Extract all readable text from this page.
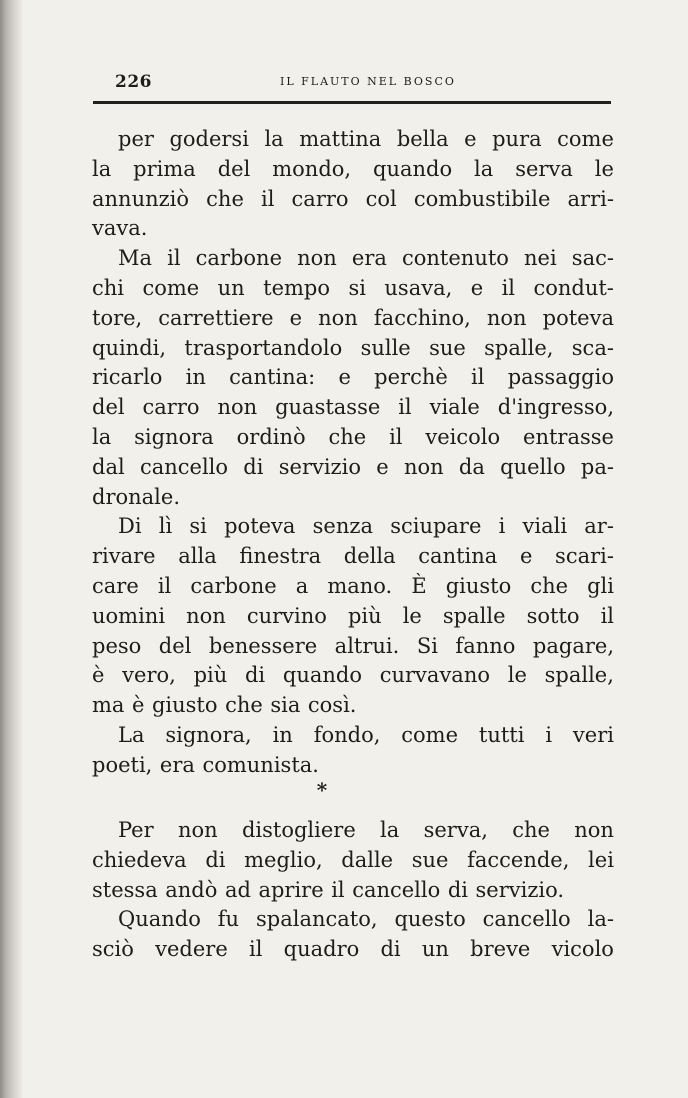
226	IL FLAUTO NEL BOSCO
per godersi la mattina bella e pura come
la prima del mondo, quando la serva le
annunziò che il carro col combustibile arri-
vava.
Ma il carbone non era contenuto nei sac-
chi come un tempo si usava, e il condut-
tore, carrettiere e non facchino, non poteva
quindi, trasportandolo sulle sue spalle, sca-
ricarlo in cantina: e perchè il passaggio
del carro non guastasse il viale d'ingresso,
la signora ordinò che il veicolo entrasse
dal cancello di servizio e non da quello pa-
dronale.
Di lì si poteva senza sciupare i viali ar-
rivare alla finestra della cantina e scari-
care il carbone a mano. È giusto che gli
uomini non curvino più le spalle sotto il
peso del benessere altrui. Si fanno pagare,
è vero, più di quando curvavano le spalle,
ma è giusto che sia così.
La signora, in fondo, come tutti i veri
poeti, era comunista.
*
Per non distogliere la serva, che non
chiedeva di meglio, dalle sue faccende, lei
stessa andò ad aprire il cancello di servizio.
Quando fu spalancato, questo cancello la-
sciò vedere il quadro di un breve vicolo
